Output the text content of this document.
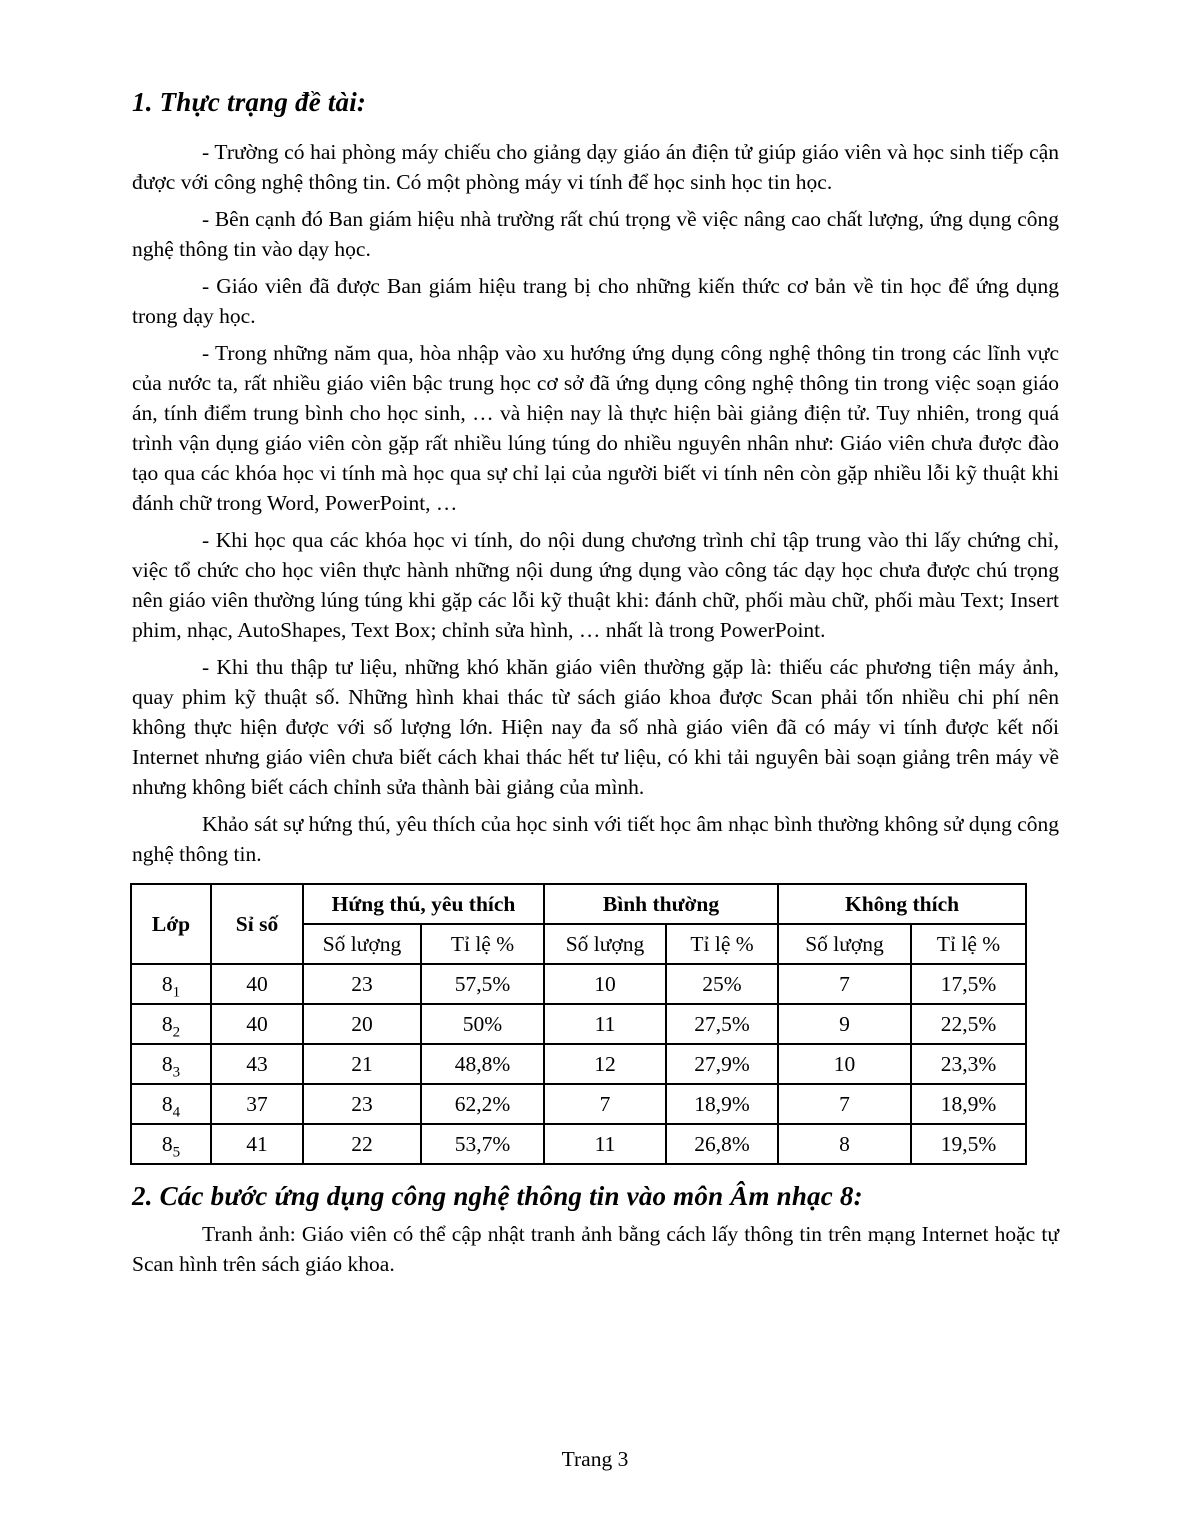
1. Thực trạng đề tài:

- Trường có hai phòng máy chiếu cho giảng dạy giáo án điện tử giúp giáo viên và học sinh tiếp cận được với công nghệ thông tin. Có một phòng máy vi tính để học sinh học tin học.

- Bên cạnh đó Ban giám hiệu nhà trường rất chú trọng về việc nâng cao chất lượng, ứng dụng công nghệ thông tin vào dạy học.

- Giáo viên đã được Ban giám hiệu trang bị cho những kiến thức cơ bản về tin học để ứng dụng trong dạy học.

- Trong những năm qua, hòa nhập vào xu hướng ứng dụng công nghệ thông tin trong các lĩnh vực của nước ta, rất nhiều giáo viên bậc trung học cơ sở đã ứng dụng công nghệ thông tin trong việc soạn giáo án, tính điểm trung bình cho học sinh, … và hiện nay là thực hiện bài giảng điện tử. Tuy nhiên, trong quá trình vận dụng giáo viên còn gặp rất nhiều lúng túng do nhiều nguyên nhân như: Giáo viên chưa được đào tạo qua các khóa học vi tính mà học qua sự chỉ lại của người biết vi tính nên còn gặp nhiều lỗi kỹ thuật khi đánh chữ trong Word, PowerPoint, …

- Khi học qua các khóa học vi tính, do nội dung chương trình chỉ tập trung vào thi lấy chứng chỉ, việc tổ chức cho học viên thực hành những nội dung ứng dụng vào công tác dạy học chưa được chú trọng nên giáo viên thường lúng túng khi gặp các lỗi kỹ thuật khi: đánh chữ, phối màu chữ, phối màu Text; Insert phim, nhạc, AutoShapes, Text Box; chỉnh sửa hình, … nhất là trong PowerPoint.

- Khi thu thập tư liệu, những khó khăn giáo viên thường gặp là: thiếu các phương tiện máy ảnh, quay phim kỹ thuật số. Những hình khai thác từ sách giáo khoa được Scan phải tốn nhiều chi phí nên không thực hiện được với số lượng lớn. Hiện nay đa số nhà giáo viên đã có máy vi tính được kết nối Internet nhưng giáo viên chưa biết cách khai thác hết tư liệu, có khi tải nguyên bài soạn giảng trên máy về nhưng không biết cách chỉnh sửa thành bài giảng của mình.

Khảo sát sự hứng thú, yêu thích của học sinh với tiết học âm nhạc bình thường không sử dụng công nghệ thông tin.

Lớp	Sỉ số	Hứng thú, yêu thích		Bình thường		Không thích	
		Số lượng	Tỉ lệ %	Số lượng	Tỉ lệ %	Số lượng	Tỉ lệ %
$8_1$	40	23	57,5%	10	25%	7	17,5%
$8_2$	40	20	50%	11	27,5%	9	22,5%
$8_3$	43	21	48,8%	12	27,9%	10	23,3%
$8_4$	37	23	62,2%	7	18,9%	7	18,9%
$8_5$	41	22	53,7%	11	26,8%	8	19,5%
2. Các bước ứng dụng công nghệ thông tin vào môn Âm nhạc 8:

Tranh ảnh: Giáo viên có thể cập nhật tranh ảnh bằng cách lấy thông tin trên mạng Internet hoặc tự Scan hình trên sách giáo khoa.

Trang 3
